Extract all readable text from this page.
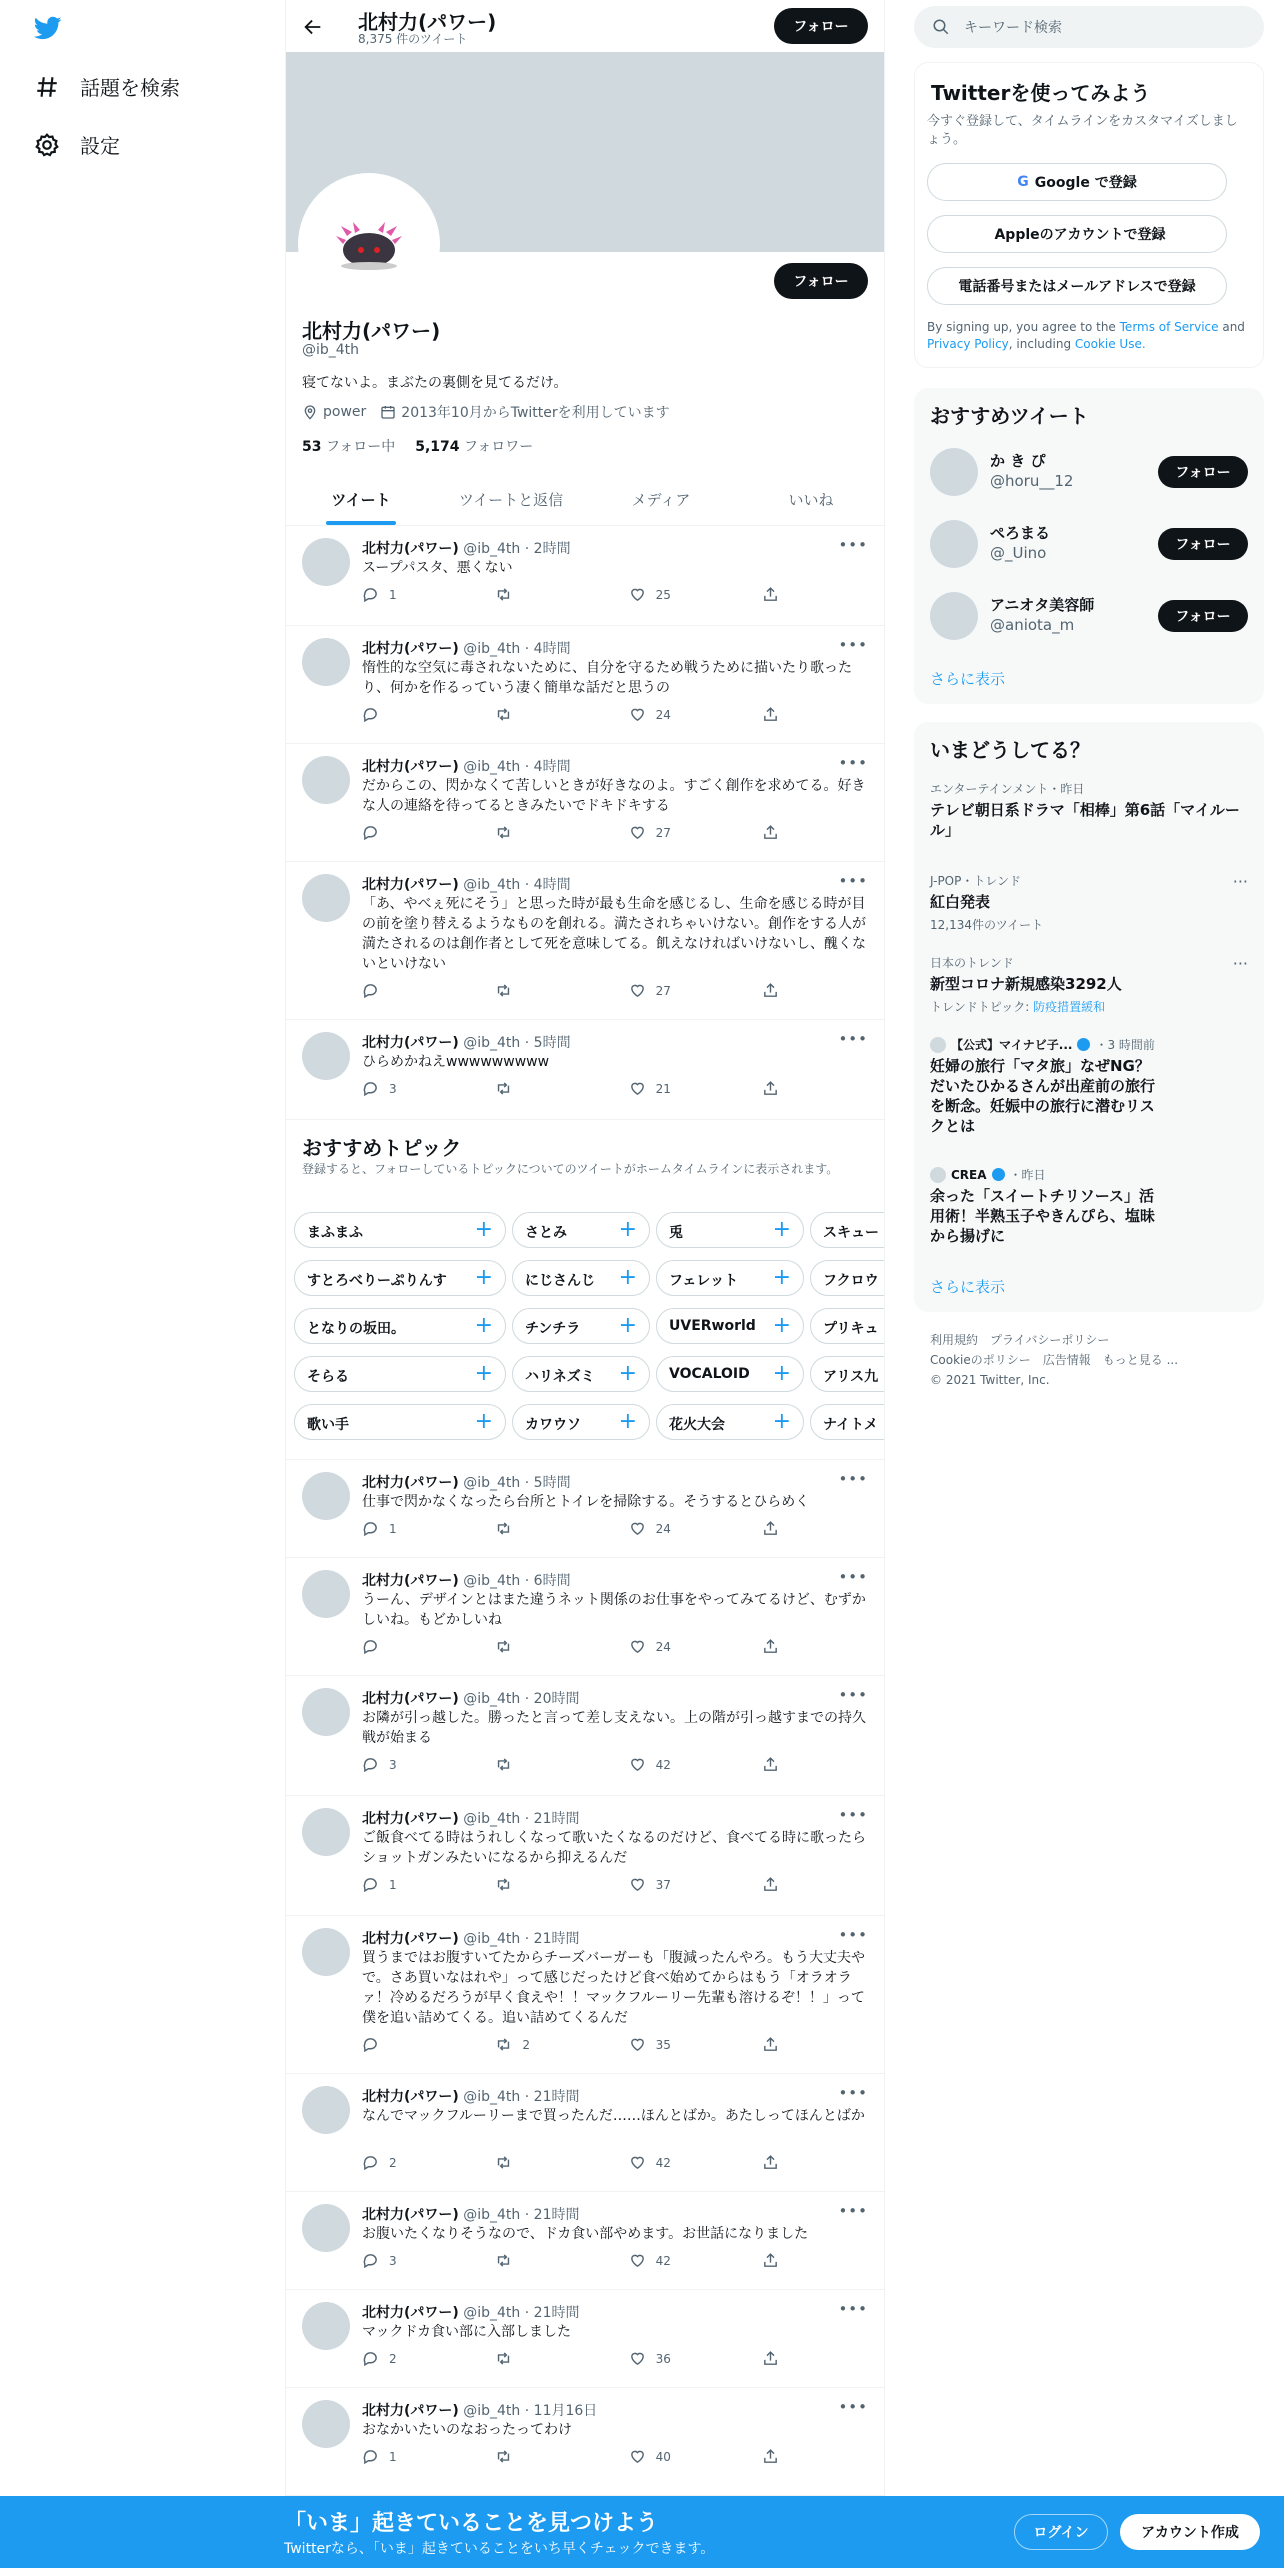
話題を検索
設定
北村力(パワー)
8,375 件のツイート
フォロー
フォロー
北村力(パワー)
@ib_4th
寝てないよ。まぶたの裏側を見てるだけ。
power	2013年10月からTwitterを利用しています
53 フォロー中 5,174 フォロワー
ツイート	ツイートと返信	メディア	いいね
北村力(パワー) @ib_4th · 2時間	•••
スープパスタ、悪くない
1	25
北村力(パワー) @ib_4th · 4時間	•••
惰性的な空気に毒されないために、自分を守るため戦うために描いたり歌ったり、何かを作るっていう凄く簡単な話だと思うの
24
北村力(パワー) @ib_4th · 4時間	•••
だからこの、閃かなくて苦しいときが好きなのよ。すごく創作を求めてる。好きな人の連絡を待ってるときみたいでドキドキする
27
北村力(パワー) @ib_4th · 4時間	•••
「あ、やべぇ死にそう」と思った時が最も生命を感じるし、生命を感じる時が目の前を塗り替えるようなものを創れる。満たされちゃいけない。創作をする人が満たされるのは創作者として死を意味してる。飢えなければいけないし、醜くないといけない
27
北村力(パワー) @ib_4th · 5時間	•••
ひらめかねえwwwwwwwww
3	21
北村力(パワー) @ib_4th · 5時間	•••
仕事で閃かなくなったら台所とトイレを掃除する。そうするとひらめく
1	24
北村力(パワー) @ib_4th · 6時間	•••
うーん、デザインとはまた違うネット関係のお仕事をやってみてるけど、むずかしいね。もどかしいね
24
北村力(パワー) @ib_4th · 20時間	•••
お隣が引っ越した。勝ったと言って差し支えない。上の階が引っ越すまでの持久戦が始まる
3	42
北村力(パワー) @ib_4th · 21時間	•••
ご飯食べてる時はうれしくなって歌いたくなるのだけど、食べてる時に歌ったらショットガンみたいになるから抑えるんだ
1	37
北村力(パワー) @ib_4th · 21時間	•••
買うまではお腹すいてたからチーズバーガーも「腹減ったんやろ。もう大丈夫やで。さあ買いなはれや」って感じだったけど食べ始めてからはもう「オラオラァ！冷めるだろうが早く食えや！！マックフルーリー先輩も溶けるぞ！！」って僕を追い詰めてくる。追い詰めてくるんだ
2	35
北村力(パワー) @ib_4th · 21時間	•••
なんでマックフルーリーまで買ったんだ……ほんとばか。あたしってほんとばか
2	42
北村力(パワー) @ib_4th · 21時間	•••
お腹いたくなりそうなので、ドカ食い部やめます。お世話になりました
3	42
北村力(パワー) @ib_4th · 21時間	•••
マックドカ食い部に入部しました
2	36
北村力(パワー) @ib_4th · 11月16日	•••
おなかいたいのなおったってわけ
1	40
おすすめトピック
登録すると、フォローしているトピックについてのツイートがホームタイムラインに表示されます。
まふまふ	+	さとみ +	兎	+	スキュー
すとろべりーぷりんす +	にじさんじ +	フェレット +	フクロウ
となりの坂田。	+	チンチラ +	UVERworld +	プリキュ
そらる	+	ハリネズミ +	VOCALOID +	アリス九
歌い手	+	カワウソ +	花火大会 +	ナイトメ
キーワード検索
Twitterを使ってみよう
今すぐ登録して、タイムラインをカスタマイズしましょう。
G Google で登録
Appleのアカウントで登録
電話番号またはメールアドレスで登録
By signing up, you agree to the Terms of Service and Privacy Policy, including Cookie Use.
おすすめツイート
か き ぴ
@horu__12	フォロー
ぺろまる
@_Uino	フォロー
アニオタ美容師
@aniota_m	フォロー
さらに表示
いまどうしてる？
エンターテインメント・昨日
テレビ朝日系ドラマ「相棒」第6話「マイルール」
J-POP・トレンド
紅白発表
12,134件のツイート
···
日本のトレンド
新型コロナ新規感染3292人
トレンドトピック: 防疫措置緩和
···
【公式】マイナビ子... ・3 時間前
妊婦の旅行「マタ旅」なぜNG？だいたひかるさんが出産前の旅行を断念。妊娠中の旅行に潜むリスクとは
CREA ・昨日
余った「スイートチリソース」活用術！半熟玉子やきんぴら、塩昧から揚げに
さらに表示
利用規約　 プライバシーポリシー
Cookieのポリシー　 広告情報　 もっと見る ...
© 2021 Twitter, Inc.
「いま」起きていることを見つけよう
Twitterなら、「いま」起きていることをいち早くチェックできます。
ログイン	アカウント作成
